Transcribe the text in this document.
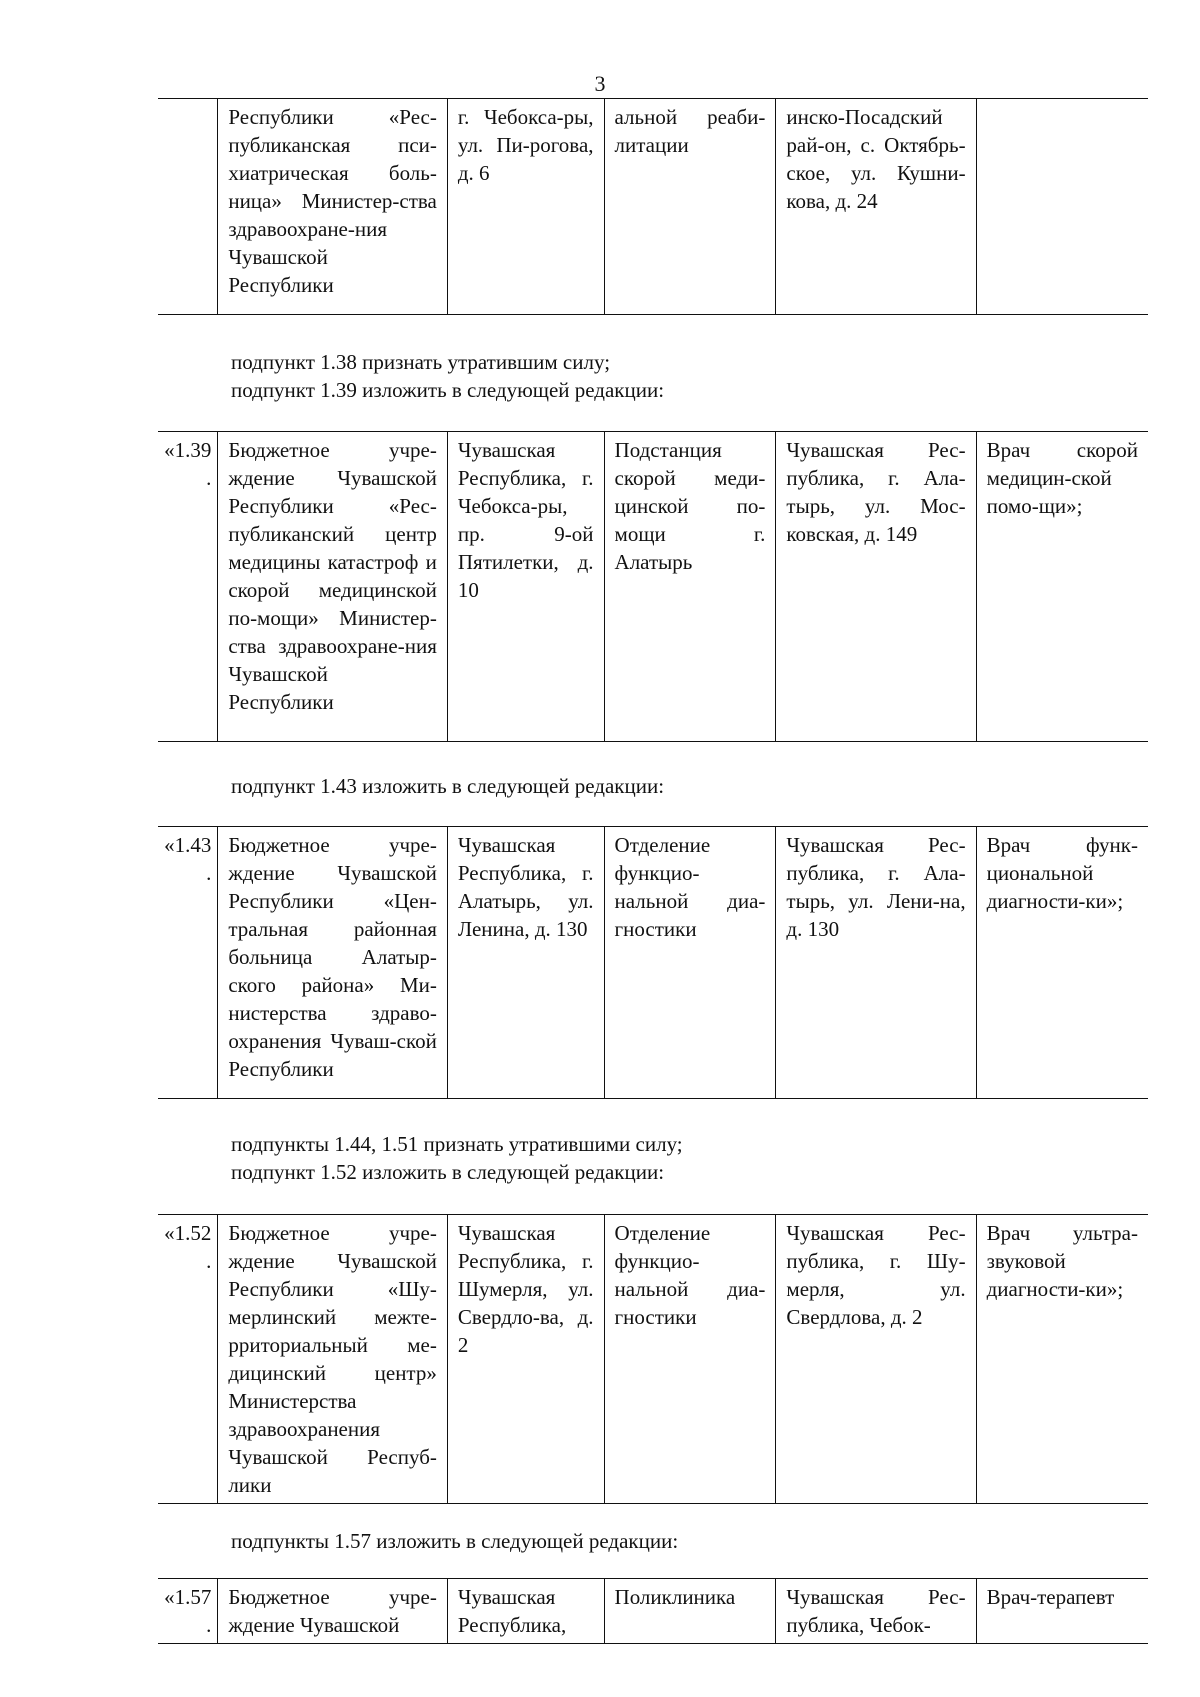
3
	Республики «Рес-публиканская пси-хиатрическая боль-ница» Министер-ства здравоохране-ния Чувашской Республики	г. Чебокса-ры, ул. Пи-рогова, д. 6	альной реаби-литации	инско-Посадский рай-он, с. Октябрь-ское, ул. Кушни-кова, д. 24	
подпункт 1.38 признать утратившим силу;
подпункт 1.39 изложить в следующей редакции:
«1.39.	Бюджетное учре-ждение Чувашской Республики «Рес-публиканский центр медицины катастроф и скорой медицинской по-мощи» Министер-ства здравоохране-ния Чувашской Республики	Чувашская Республика, г. Чебокса-ры, пр. 9-ой Пятилетки, д. 10	Подстанция скорой меди-цинской по-мощи г. Алатырь	Чувашская Рес-публика, г. Ала-тырь, ул. Мос-ковская, д. 149	Врач скорой медицин-ской помо-щи»;
подпункт 1.43 изложить в следующей редакции:
«1.43.	Бюджетное учре-ждение Чувашской Республики «Цен-тральная районная больница Алатыр-ского района» Ми-нистерства здраво-охранения Чуваш-ской Республики	Чувашская Республика, г. Алатырь, ул. Ленина, д. 130	Отделение функцио-нальной диа-гностики	Чувашская Рес-публика, г. Ала-тырь, ул. Лени-на, д. 130	Врач функ-циональной диагности-ки»;
подпункты 1.44, 1.51 признать утратившими силу;
подпункт 1.52 изложить в следующей редакции:
«1.52.	Бюджетное учре-ждение Чувашской Республики «Шу-мерлинский межте-рриториальный ме-дицинский центр» Министерства здравоохранения Чувашской Респуб-лики	Чувашская Республика, г. Шумерля, ул. Свердло-ва, д. 2	Отделение функцио-нальной диа-гностики	Чувашская Рес-публика, г. Шу-мерля, ул. Свердлова, д. 2	Врач ультра-звуковой диагности-ки»;
подпункты 1.57 изложить в следующей редакции:
«1.57.	Бюджетное учре-ждение Чувашской	Чувашская Республика,	Поликлиника	Чувашская Рес-публика, Чебок-	Врач-терапевт
